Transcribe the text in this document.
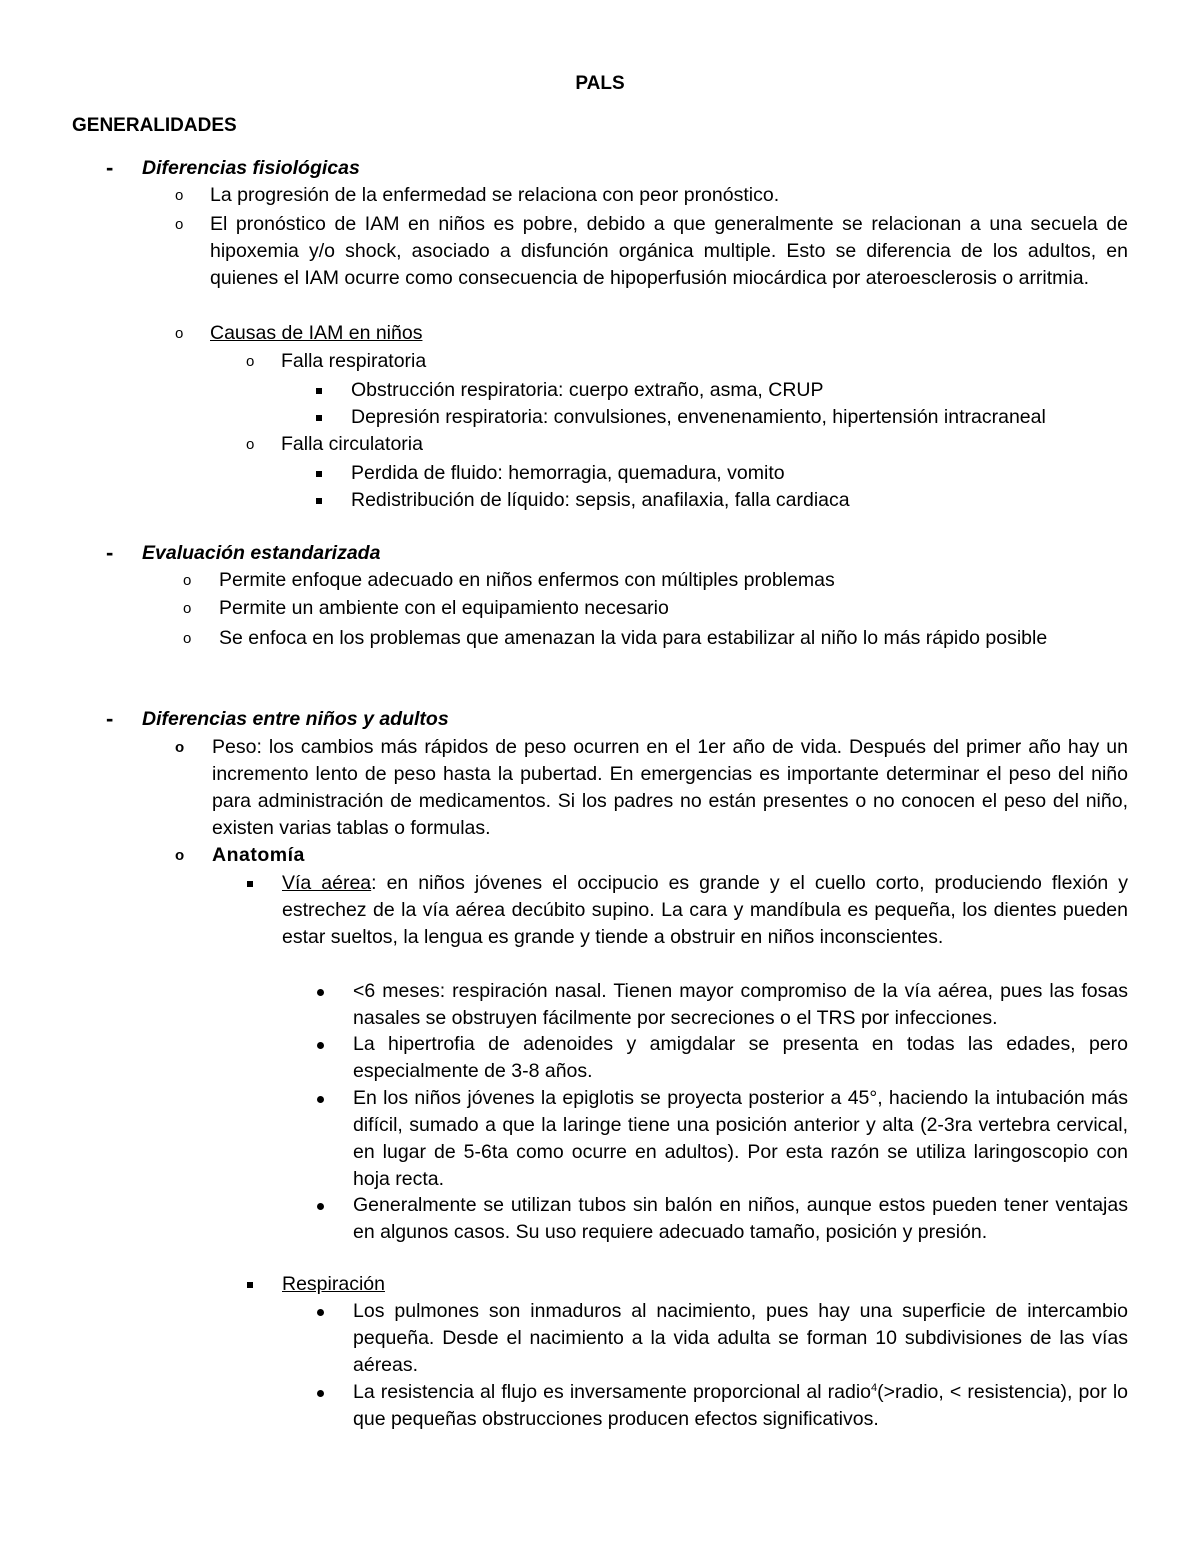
PALS
GENERALIDADES
- Diferencias fisiológicas
o La progresión de la enfermedad se relaciona con peor pronóstico.
o El pronóstico de IAM en niños es pobre, debido a que generalmente se relacionan a una secuela de hipoxemia y/o shock, asociado a disfunción orgánica multiple. Esto se diferencia de los adultos, en quienes el IAM ocurre como consecuencia de hipoperfusión miocárdica por ateroesclerosis o arritmia.
o Causas de IAM en niños
o Falla respiratoria
Obstrucción respiratoria: cuerpo extraño, asma, CRUP
Depresión respiratoria: convulsiones, envenenamiento, hipertensión intracraneal
o Falla circulatoria
Perdida de fluido: hemorragia, quemadura, vomito
Redistribución de líquido: sepsis, anafilaxia, falla cardiaca
- Evaluación estandarizada
o Permite enfoque adecuado en niños enfermos con múltiples problemas
o Permite un ambiente con el equipamiento necesario
o Se enfoca en los problemas que amenazan la vida para estabilizar al niño lo más rápido posible
- Diferencias entre niños y adultos
o Peso: los cambios más rápidos de peso ocurren en el 1er año de vida. Después del primer año hay un incremento lento de peso hasta la pubertad. En emergencias es importante determinar el peso del niño para administración de medicamentos. Si los padres no están presentes o no conocen el peso del niño, existen varias tablas o formulas.
o Anatomía
Vía aérea: en niños jóvenes el occipucio es grande y el cuello corto, produciendo flexión y estrechez de la vía aérea decúbito supino. La cara y mandíbula es pequeña, los dientes pueden estar sueltos, la lengua es grande y tiende a obstruir en niños inconscientes.
<6 meses: respiración nasal. Tienen mayor compromiso de la vía aérea, pues las fosas nasales se obstruyen fácilmente por secreciones o el TRS por infecciones.
La hipertrofia de adenoides y amigdalar se presenta en todas las edades, pero especialmente de 3-8 años.
En los niños jóvenes la epiglotis se proyecta posterior a 45°, haciendo la intubación más difícil, sumado a que la laringe tiene una posición anterior y alta (2-3ra vertebra cervical, en lugar de 5-6ta como ocurre en adultos). Por esta razón se utiliza laringoscopio con hoja recta.
Generalmente se utilizan tubos sin balón en niños, aunque estos pueden tener ventajas en algunos casos. Su uso requiere adecuado tamaño, posición y presión.
Respiración
Los pulmones son inmaduros al nacimiento, pues hay una superficie de intercambio pequeña. Desde el nacimiento a la vida adulta se forman 10 subdivisiones de las vías aéreas.
La resistencia al flujo es inversamente proporcional al radio$^4$(>radio, < resistencia), por lo que pequeñas obstrucciones producen efectos significativos.
